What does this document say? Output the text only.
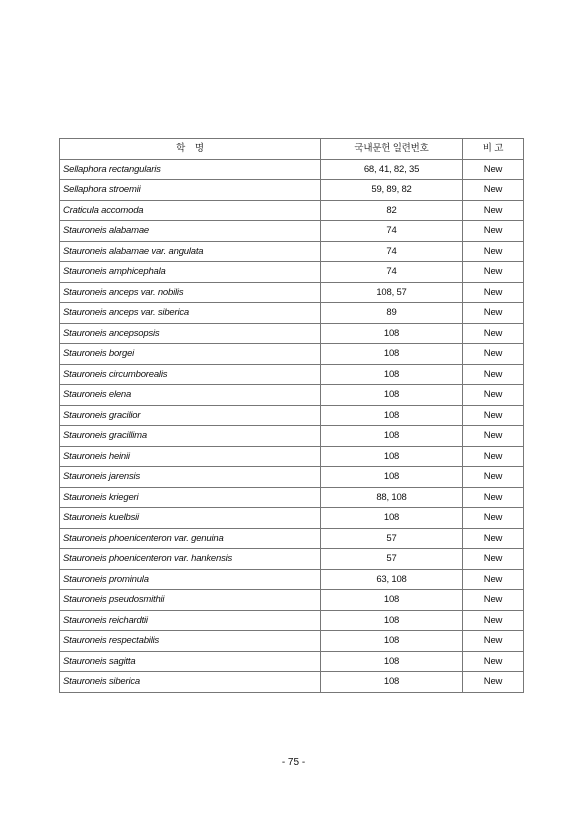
학    명	국내문헌 일련번호	비 고
Sellaphora rectangularis	68, 41, 82, 35	New
Sellaphora stroemii	59, 89, 82	New
Craticula accomoda	82	New
Stauroneis alabamae	74	New
Stauroneis alabamae var. angulata	74	New
Stauroneis amphicephala	74	New
Stauroneis anceps var. nobilis	108, 57	New
Stauroneis anceps var. siberica	89	New
Stauroneis ancepsopsis	108	New
Stauroneis borgei	108	New
Stauroneis circumborealis	108	New
Stauroneis elena	108	New
Stauroneis gracilior	108	New
Stauroneis gracillima	108	New
Stauroneis heinii	108	New
Stauroneis jarensis	108	New
Stauroneis kriegeri	88, 108	New
Stauroneis kuelbsii	108	New
Stauroneis phoenicenteron var. genuina	57	New
Stauroneis phoenicenteron var. hankensis	57	New
Stauroneis prominula	63, 108	New
Stauroneis pseudosmithii	108	New
Stauroneis reichardtii	108	New
Stauroneis respectabilis	108	New
Stauroneis sagitta	108	New
Stauroneis siberica	108	New
- 75 -
